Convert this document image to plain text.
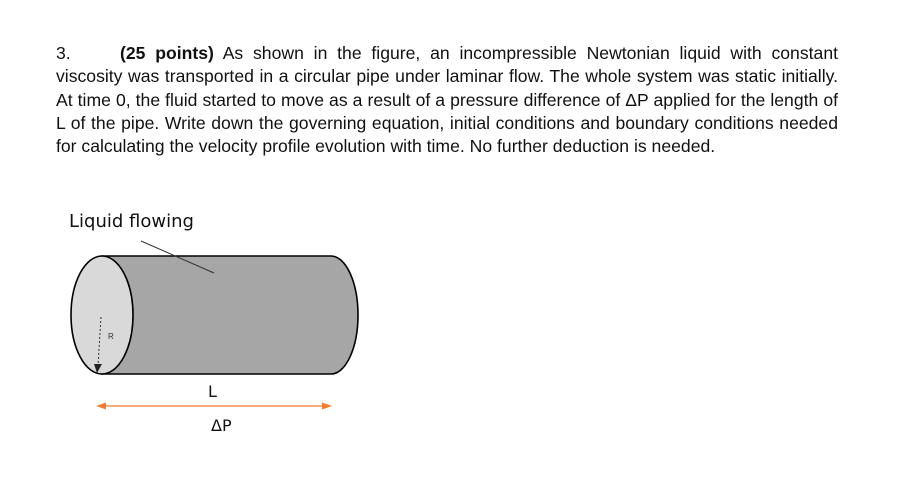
3.	(25 points) As shown in the figure, an incompressible Newtonian liquid with constant viscosity was transported in a circular pipe under laminar flow. The whole system was static initially. At time 0, the fluid started to move as a result of a pressure difference of ΔP applied for the length of L of the pipe. Write down the governing equation, initial conditions and boundary conditions needed for calculating the velocity profile evolution with time. No further deduction is needed.

Liquid flowing
R
L
ΔP
